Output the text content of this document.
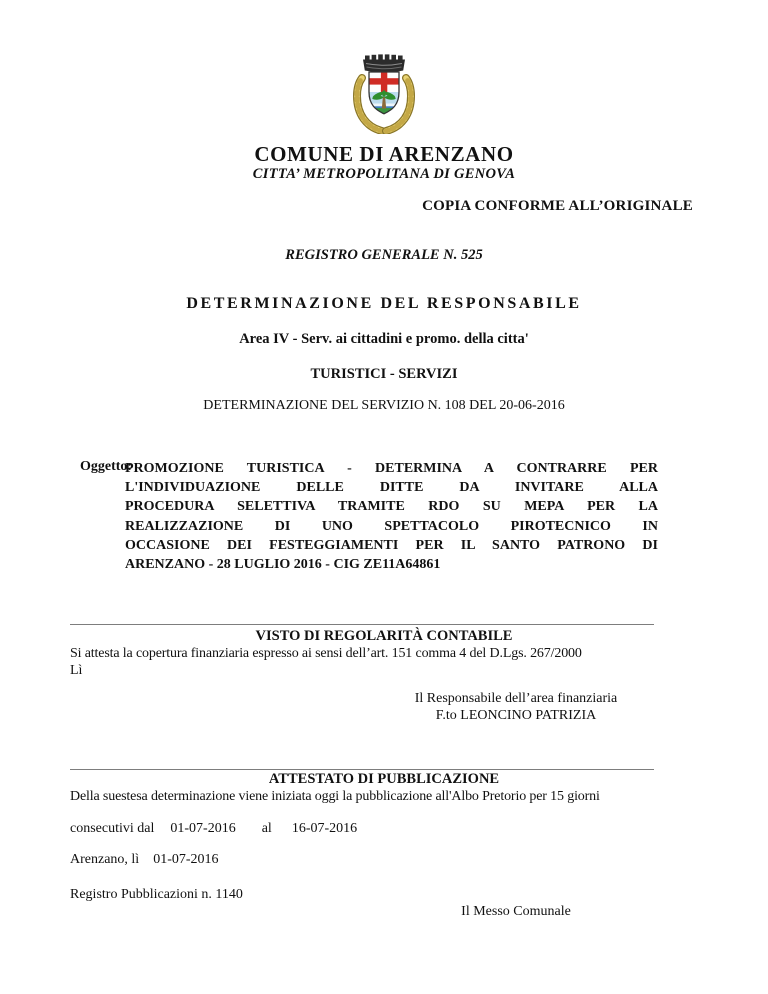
COMUNE DI ARENZANO
CITTA’ METROPOLITANA DI GENOVA
COPIA CONFORME ALL’ORIGINALE
REGISTRO GENERALE N. 525
DETERMINAZIONE DEL RESPONSABILE
Area IV - Serv. ai cittadini e promo. della citta'
TURISTICI - SERVIZI
DETERMINAZIONE DEL SERVIZIO N. 108 DEL 20-06-2016
Oggetto:
PROMOZIONE TURISTICA - DETERMINA A CONTRARRE PER
L'INDIVIDUAZIONE DELLE DITTE DA INVITARE ALLA
PROCEDURA SELETTIVA TRAMITE RDO SU MEPA PER LA
REALIZZAZIONE DI UNO SPETTACOLO PIROTECNICO IN
OCCASIONE DEI FESTEGGIAMENTI PER IL SANTO PATRONO DI
ARENZANO - 28 LUGLIO 2016 - CIG ZE11A64861
VISTO DI REGOLARITÀ CONTABILE
Si attesta la copertura finanziaria espresso ai sensi dell’art. 151 comma 4 del D.Lgs. 267/2000
Lì
Il Responsabile dell’area finanziaria
F.to LEONCINO PATRIZIA
ATTESTATO DI PUBBLICAZIONE
Della suestesa determinazione viene iniziata oggi la pubblicazione all'Albo Pretorio per 15 giorni
consecutivi dal 01-07-2016 al 16-07-2016
Arenzano, lì 01-07-2016
Registro Pubblicazioni n. 1140
Il Messo Comunale
